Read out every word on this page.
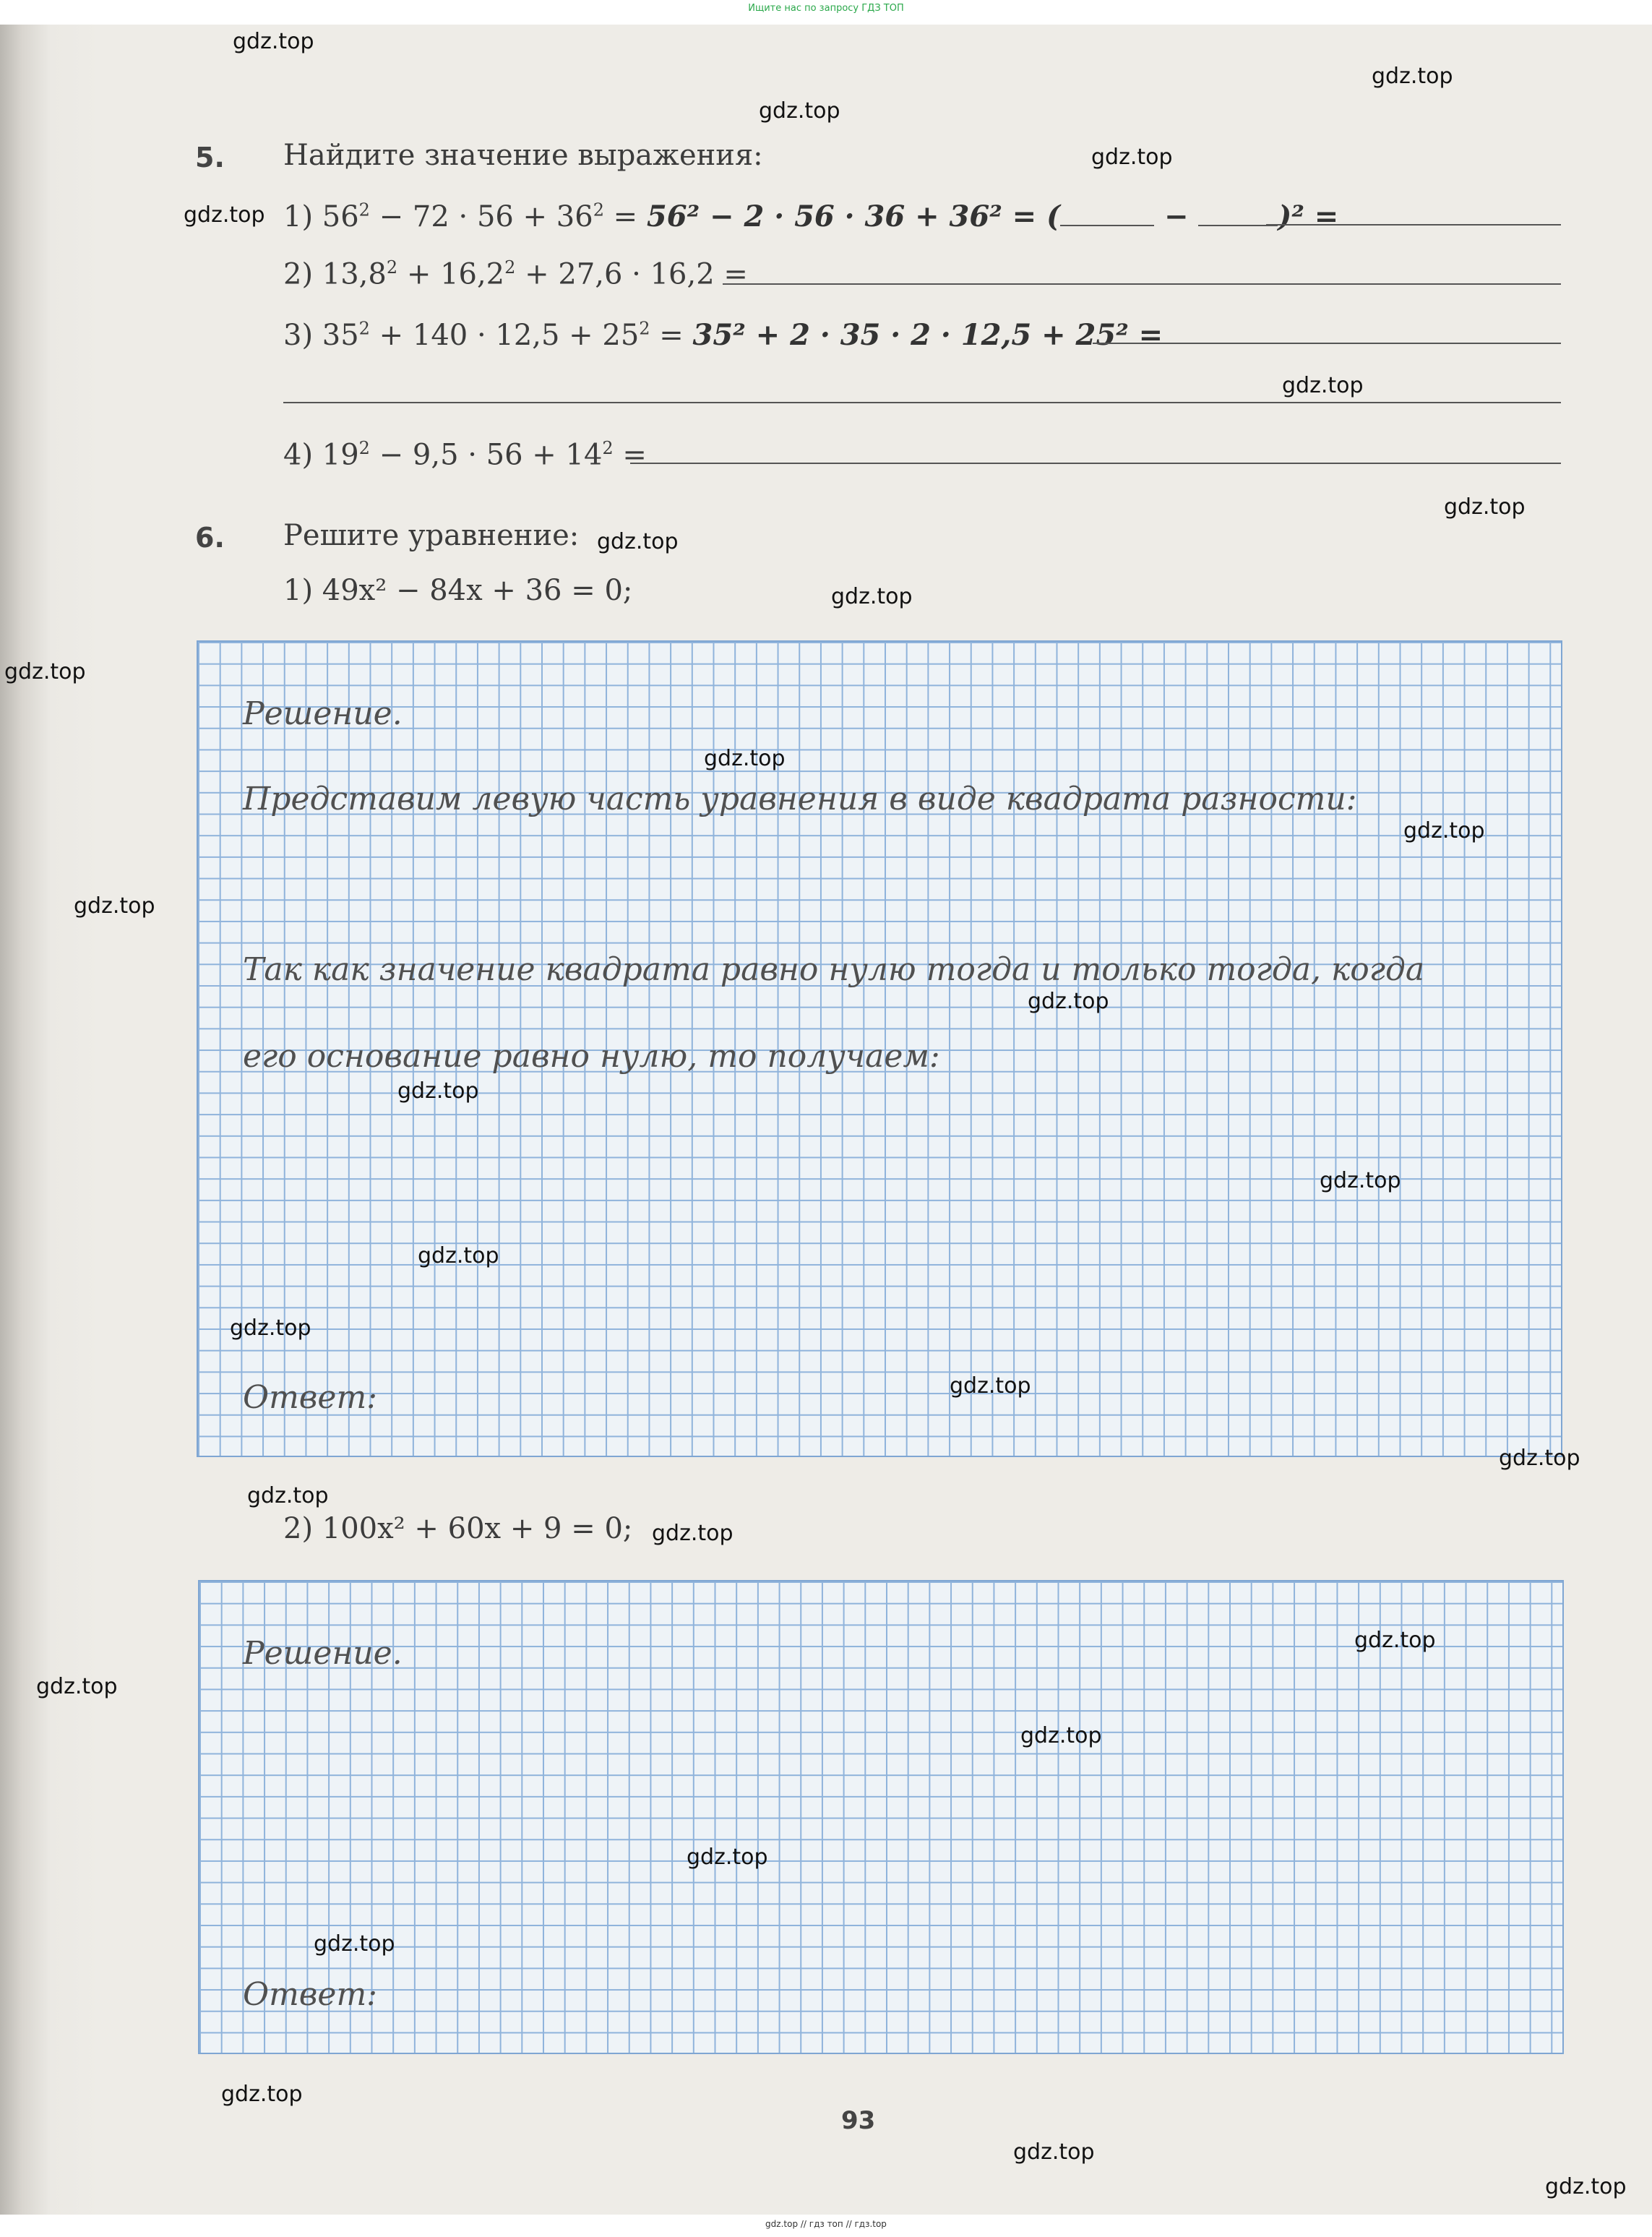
Ищите нас по запросу ГДЗ ТОП
5. Найдите значение выражения:
1) $56^2 - 72 \cdot 56 + 36^2 = 56^2 - 2 \cdot 56 \cdot 36 + 36^2$ = (	−	)² =
2) $13,8^2 + 16,2^2 + 27,6 \cdot 16,2$ =
3) $35^2 + 140 \cdot 12,5 + 25^2 = 35^2 + 2 \cdot 35 \cdot 2 \cdot 12,5 + 25^2$ =
4) $19^2 - 9,5 \cdot 56 + 14^2$ =
6. Решите уравнение:
1) 49x² − 84x + 36 = 0;
Решение.
Представим левую часть уравнения в виде квадрата разности:
Так как значение квадрата равно нулю тогда и только тогда, когда
его основание равно нулю, то получаем:
Ответ:
2) 100x² + 60x + 9 = 0;
Решение.
Ответ:
93
gdz.top
gdz.top
gdz.top
gdz.top
gdz.top
gdz.top
gdz.top
gdz.top
gdz.top
gdz.top
gdz.top
gdz.top
gdz.top
gdz.top
gdz.top
gdz.top
gdz.top
gdz.top
gdz.top
gdz.top
gdz.top
gdz.top
gdz.top
gdz.top
gdz.top
gdz.top
gdz.top
gdz.top
gdz.top
gdz.top
gdz.top // гдз топ // гдз.top
